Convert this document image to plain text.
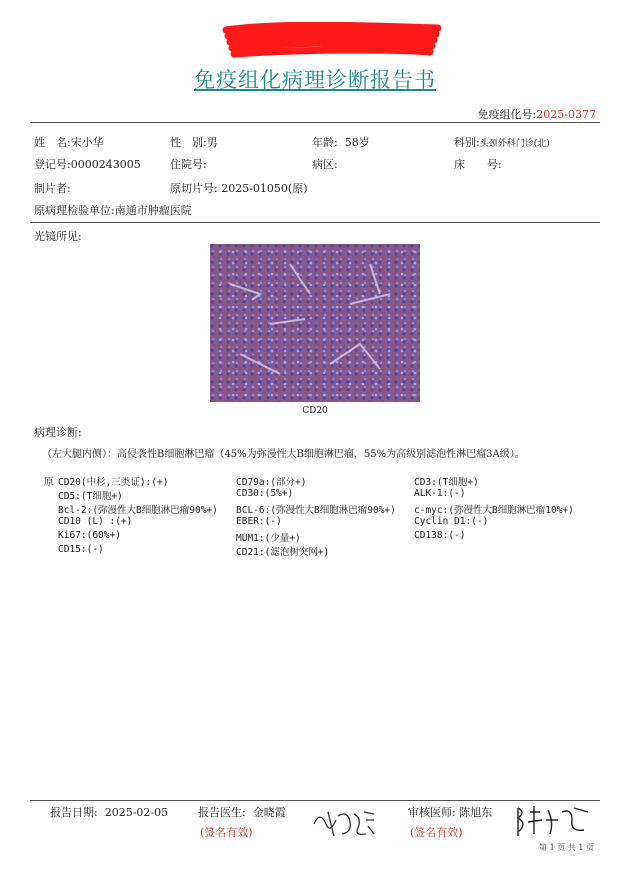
免疫组化病理诊断报告书
免疫组化号:2025-0377
姓　名:宋小华	性　别:男	年龄: 58岁	科别:头颈外科门诊(北)
登记号:0000243005	住院号:	病区:	床　　号:
制片者:	原切片号: 2025-01050(原)
原病理检验单位:南通市肿瘤医院
光镜所见:
CD20
病理诊断:
（左大腿内侧）：高侵袭性B细胞淋巴瘤（45%为弥漫性大B细胞淋巴瘤，55%为高级别滤泡性淋巴瘤3A级）。
原 CD20(中杉,三类证):(+)	CD79a:(部分+)	CD3:(T细胞+)
CD5:(T细胞+)	CD30:(5%+)	ALK-1:(-)
Bcl-2:(弥漫性大B细胞淋巴瘤90%+) BCL-6:(弥漫性大B细胞淋巴瘤90%+) c-myc:(弥漫性大B细胞淋巴瘤10%+)
CD10 (L) :(+)	EBER:(-)	Cyclin D1:(-)
Ki67:(60%+)	MUM1:(少量+)	CD138:(-)
CD15:(-)	CD21:(滤泡树突网+)
报告日期: 2025-02-05	报告医生: 金晓霞
(签名有效)
审核医师: 陈旭东
(签名有效)
第 1 页 共 1 页
